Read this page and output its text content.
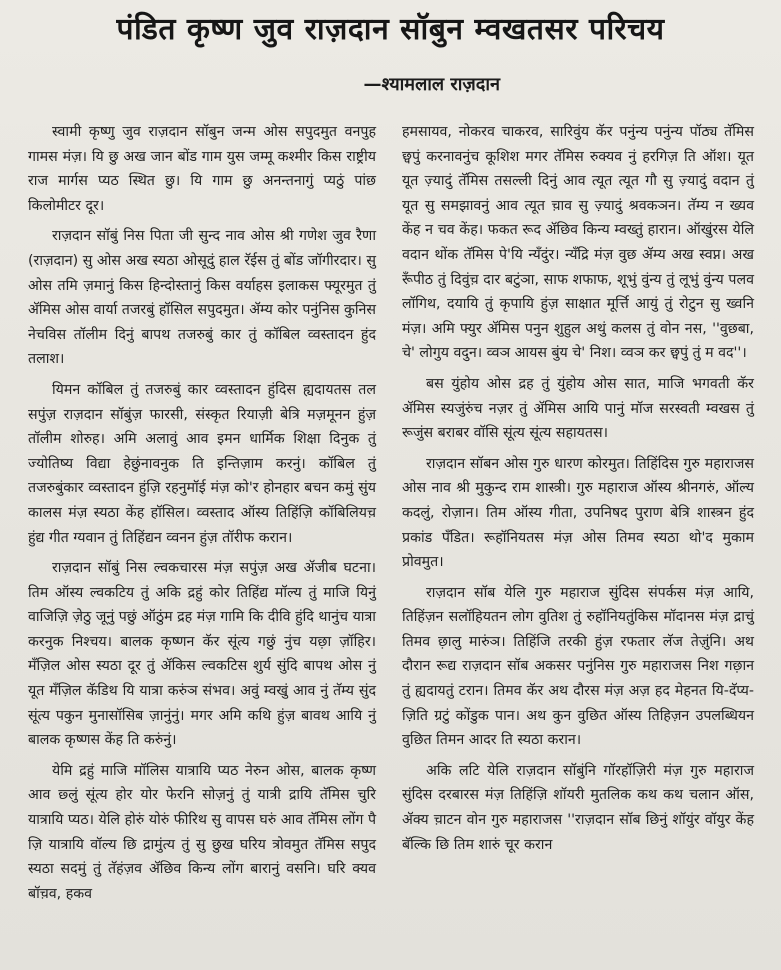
पंडित कृष्ण जुव राज़दान सॉबुन म्वखतसर परिचय
—श्यामलाल राज़दान

स्वामी कृष्णु जुव राज़दान सॉबुन जन्म ओस सपुदमुत वनपुह गामस मंज़। यि छु अख जान बोंड गाम युस जम्मू कश्मीर किस राष्ट्रीय राज मार्गस प्यठ स्थित छु। यि गाम छु अनन्तनागुं प्यठुं पांछ किलोमीटर दूर।

राज़दान सॉबुं निस पिता जी सुन्द नाव ओस श्री गणेश जुव रैणा (राज़दान) सु ओस अख स्यठा ओसूदुं हाल रॅईस तुं बोंड जॉगीरदार। सु ओस तमि ज़मानुं किस हिन्दोस्तानुं किस वर्याहस इलाकस फ्यूरमुत तुं ॲमिस ओस वार्या तजरबुं हॉसिल सपुदमुत। ॲम्य कोर पनुंनिस कुनिस नेचविस तॉलीम दिनुं बापथ तजरुबुं कार तुं कॉबिल व्वस्तादन हुंद तलाश।

यिमन कॉबिल तुं तजरुबुं कार व्वस्तादन हुंदिस ह्यदायतस तल सपुंज़ राज़दान सॉबुंज़ फारसी, संस्कृत रियाज़ी बेत्रि मज़मूनन हुंज़ तॉलीम शोरुह। अमि अलावुं आव इमन धार्मिक शिक्षा दिनुक तुं ज्योतिष्य विद्या हेछुंनावनुक ति इन्तिज़ाम करनुं। कॉबिल तुं तजरुबुंकार व्वस्तादन हुंज़ि रहनुमॉई मंज़ को'र होनहार बचन कमुं सुंय कालस मंज़ स्यठा केंह हॉसिल। व्वस्ताद ऑस्य तिहिंज़ि कॉबिलियच़ हुंद्य गीत ग्यवान तुं तिहिंद्यन व्वनन हुंज़ तॉरीफ करान।

राज़दान सॉबुं निस ल्वकचारस मंज़ सपुंज़ अख ॲजीब घटना। तिम ऑस्य ल्वकटिय तुं अकि द्रहुं कोर तिहिंद्य मॉल्य तुं माजि यिनुं वाजिज़ि ज़ेठु जूनुं पछुं ऑठुंम द्रह मंज़ गामि कि दीवि हुंदि थानुंच यात्रा करनुक निश्चय। बालक कृष्णन कॅर सूंत्य गछुं नुंच यछ़ा ज़ॉहिर। मॅंज़िल ओस स्यठा दूर तुं ॲकिस ल्वकटिस शुर्य सुंदि बापथ ओस नुं यूत मॅंज़िल कॅडिथ यि यात्रा करुंञ संभव। अवुं म्वखुं आव नुं तॅम्य सुंद सूंत्य पकुन मुनासॉसिब ज़ानुंनुं। मगर अमि कथि हुंज़ बावथ आयि नुं बालक कृष्णस केंह ति करुंनुं।

येमि द्रहुं माजि मॉलिस यात्रायि प्यठ नेरुन ओस, बालक कृष्ण आव छ्लुं सूंत्य होर योर फेरनि सोज़नुं तुं यात्री द्रायि तॅमिस चुरि यात्रायि प्यठ। येलि होरुं योरुं फीरिथ सु वापस घरुं आव तॅमिस लोंग पै ज़ि यात्रायि वॉल्य छि द्रामुंत्य तुं सु छुख घरिय त्रोवमुत तॅमिस सपुद स्यठा सदमुं तुं तॅहंज़व ॲछिव किन्य लोंग बारानुं वसनि। घरि क्यव बॉच़व, हकव

हमसायव, नोकरव चाकरव, सारिवुंय कॅर पनुंन्य पनुंन्य पॉठ्य तॅमिस छ्वपुं करनावनुंच कूशिश मगर तॅमिस रुक्यव नुं हरगिज़ ति ऑश। यूत यूत ज़्यादुं तॅमिस तसल्ली दिनुं आव त्यूत त्यूत गौ सु ज़्यादुं वदान तुं यूत सु समझावनुं आव त्यूत च़ाव सु ज़्यादुं श्रवकञन। तॅम्य न ख्यव केंह न चव केंह। फकत रूद ॲछिव किन्य म्वख्तुं हारान। ऑखुंरस येलि वदान थोंक तॅमिस पे'यि न्यॅंदुंर। न्यॅंद्रि मंज़ वुछ ॲम्य अख स्वप्न। अख रूँपीठ तुं दिवुंच़ दार बटुंञा, साफ शफाफ, शूभुं वुंन्य तुं लूभुं वुंन्य पलव लॉगिथ, दयायि तुं कृपायि हुंज़ साक्षात मूर्त्ति आयुं तुं रोटुन सु ख्वनि मंज़। अमि फ्युर ॲमिस पनुन शुहुल अथुं कलस तुं वोन नस, ''वुछबा, चे' लोगुय वदुन। व्वञ आयस बुंय चे' निश। व्वञ कर छ्वपुं तुं म वद''।

बस युंहोय ओस द्रह तुं युंहोय ओस सात, माजि भगवती कॅर ॲमिस स्यजुंरुंच नज़र तुं ॲमिस आयि पानुं मॉज सरस्वती म्वखस तुं रूजुंस बराबर वॉसि सूंत्य सूंत्य सहायतस।

राज़दान सॉबन ओस गुरु धारण कोरमुत। तिहिंदिस गुरु महाराजस ओस नाव श्री मुकुन्द राम शास्त्री। गुरु महाराज ऑस्य श्रीनगरुं, ऑल्य कदलुं, रोज़ान। तिम ऑस्य गीता, उपनिषद पुराण बेत्रि शास्त्रन हुंद प्रकांड पॅंडित। रूहॉनियतस मंज़ ओस तिमव स्यठा थो'द मुकाम प्रोवमुत।

राज़दान सॉब येलि गुरु महाराज सुंदिस संपर्कस मंज़ आयि, तिहिंज़न सलॉहियतन लोग वुतिश तुं रुहॉनियतुंकिस मॉदानस मंज़ द्राचुं तिमव छ़ालु मारुंञ। तिहिंजि तरकी हुंज़ रफतार लॅज तेज़ुंनि। अथ दौरान रूद्य राज़दान सॉब अकसर पनुंनिस गुरु महाराजस निश गछ़ान तुं ह्यदायतुं टरान। तिमव कॅर अथ दौरस मंज़ अज़ हद मेहनत यि-दॅप्य-ज़िति ग्रटुं कोंडुक पान। अथ कुन वुछित ऑस्य तिहिज़न उपलब्धियन वुछित तिमन आदर ति स्यठा करान।

अकि लटि येलि राज़दान सॉबुंनि गॉरहॉज़िरी मंज़ गुरु महाराज सुंदिस दरबारस मंज़ तिहिंज़ि शॉयरी मुतलिक कथ कथ चलान ऑस, ॲक्य च़ाटन वोन गुरु महाराजस ''राज़दान सॉब छिनुं शॉयुंर वॉयुर केंह बॅल्कि छि तिम शारुं चूर करान
